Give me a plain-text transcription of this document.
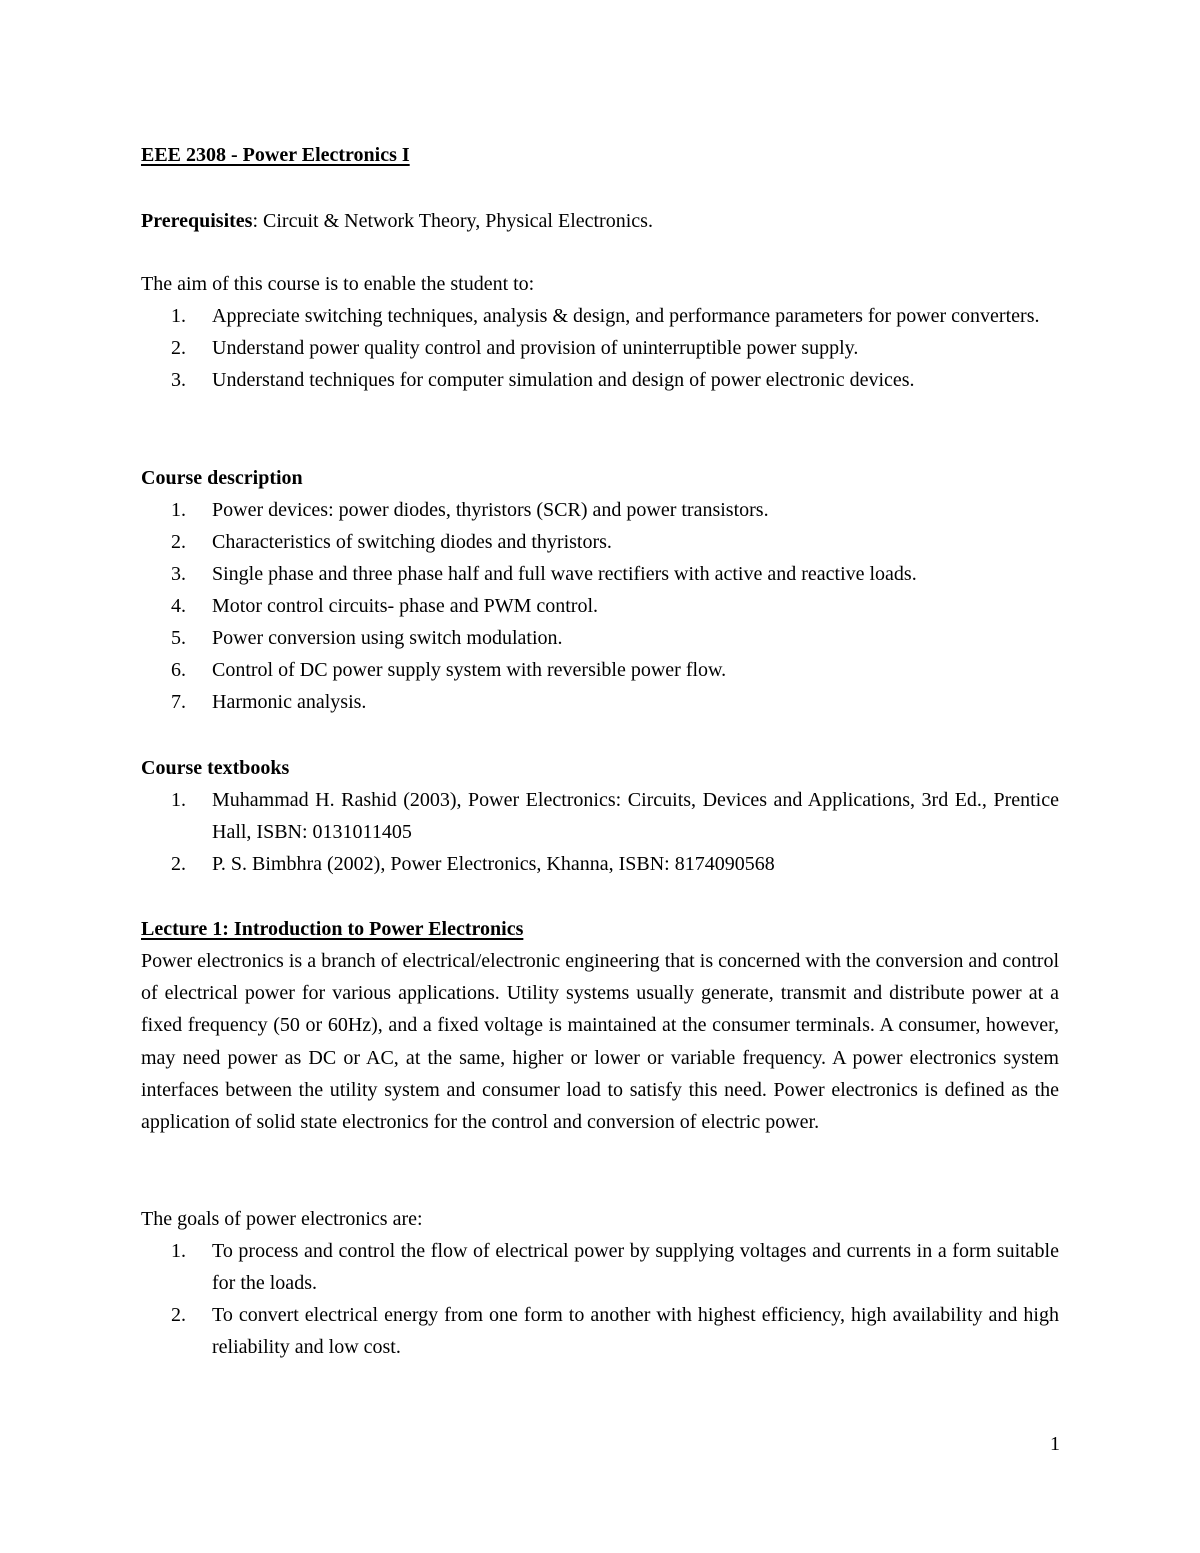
EEE 2308 - Power Electronics I
Prerequisites: Circuit & Network Theory, Physical Electronics.
The aim of this course is to enable the student to:
1. Appreciate switching techniques, analysis & design, and performance parameters for power converters.
2. Understand power quality control and provision of uninterruptible power supply.
3. Understand techniques for computer simulation and design of power electronic devices.
Course description
1. Power devices: power diodes, thyristors (SCR) and power transistors.
2. Characteristics of switching diodes and thyristors.
3. Single phase and three phase half and full wave rectifiers with active and reactive loads.
4. Motor control circuits- phase and PWM control.
5. Power conversion using switch modulation.
6. Control of DC power supply system with reversible power flow.
7. Harmonic analysis.
Course textbooks
1. Muhammad H. Rashid (2003), Power Electronics: Circuits, Devices and Applications, 3rd Ed., Prentice Hall, ISBN: 0131011405
2. P. S. Bimbhra (2002), Power Electronics, Khanna, ISBN: 8174090568
Lecture 1: Introduction to Power Electronics
Power electronics is a branch of electrical/electronic engineering that is concerned with the conversion and control of electrical power for various applications. Utility systems usually generate, transmit and distribute power at a fixed frequency (50 or 60Hz), and a fixed voltage is maintained at the consumer terminals. A consumer, however, may need power as DC or AC, at the same, higher or lower or variable frequency. A power electronics system interfaces between the utility system and consumer load to satisfy this need. Power electronics is defined as the application of solid state electronics for the control and conversion of electric power.
The goals of power electronics are:
1. To process and control the flow of electrical power by supplying voltages and currents in a form suitable for the loads.
2. To convert electrical energy from one form to another with highest efficiency, high availability and high reliability and low cost.
1
